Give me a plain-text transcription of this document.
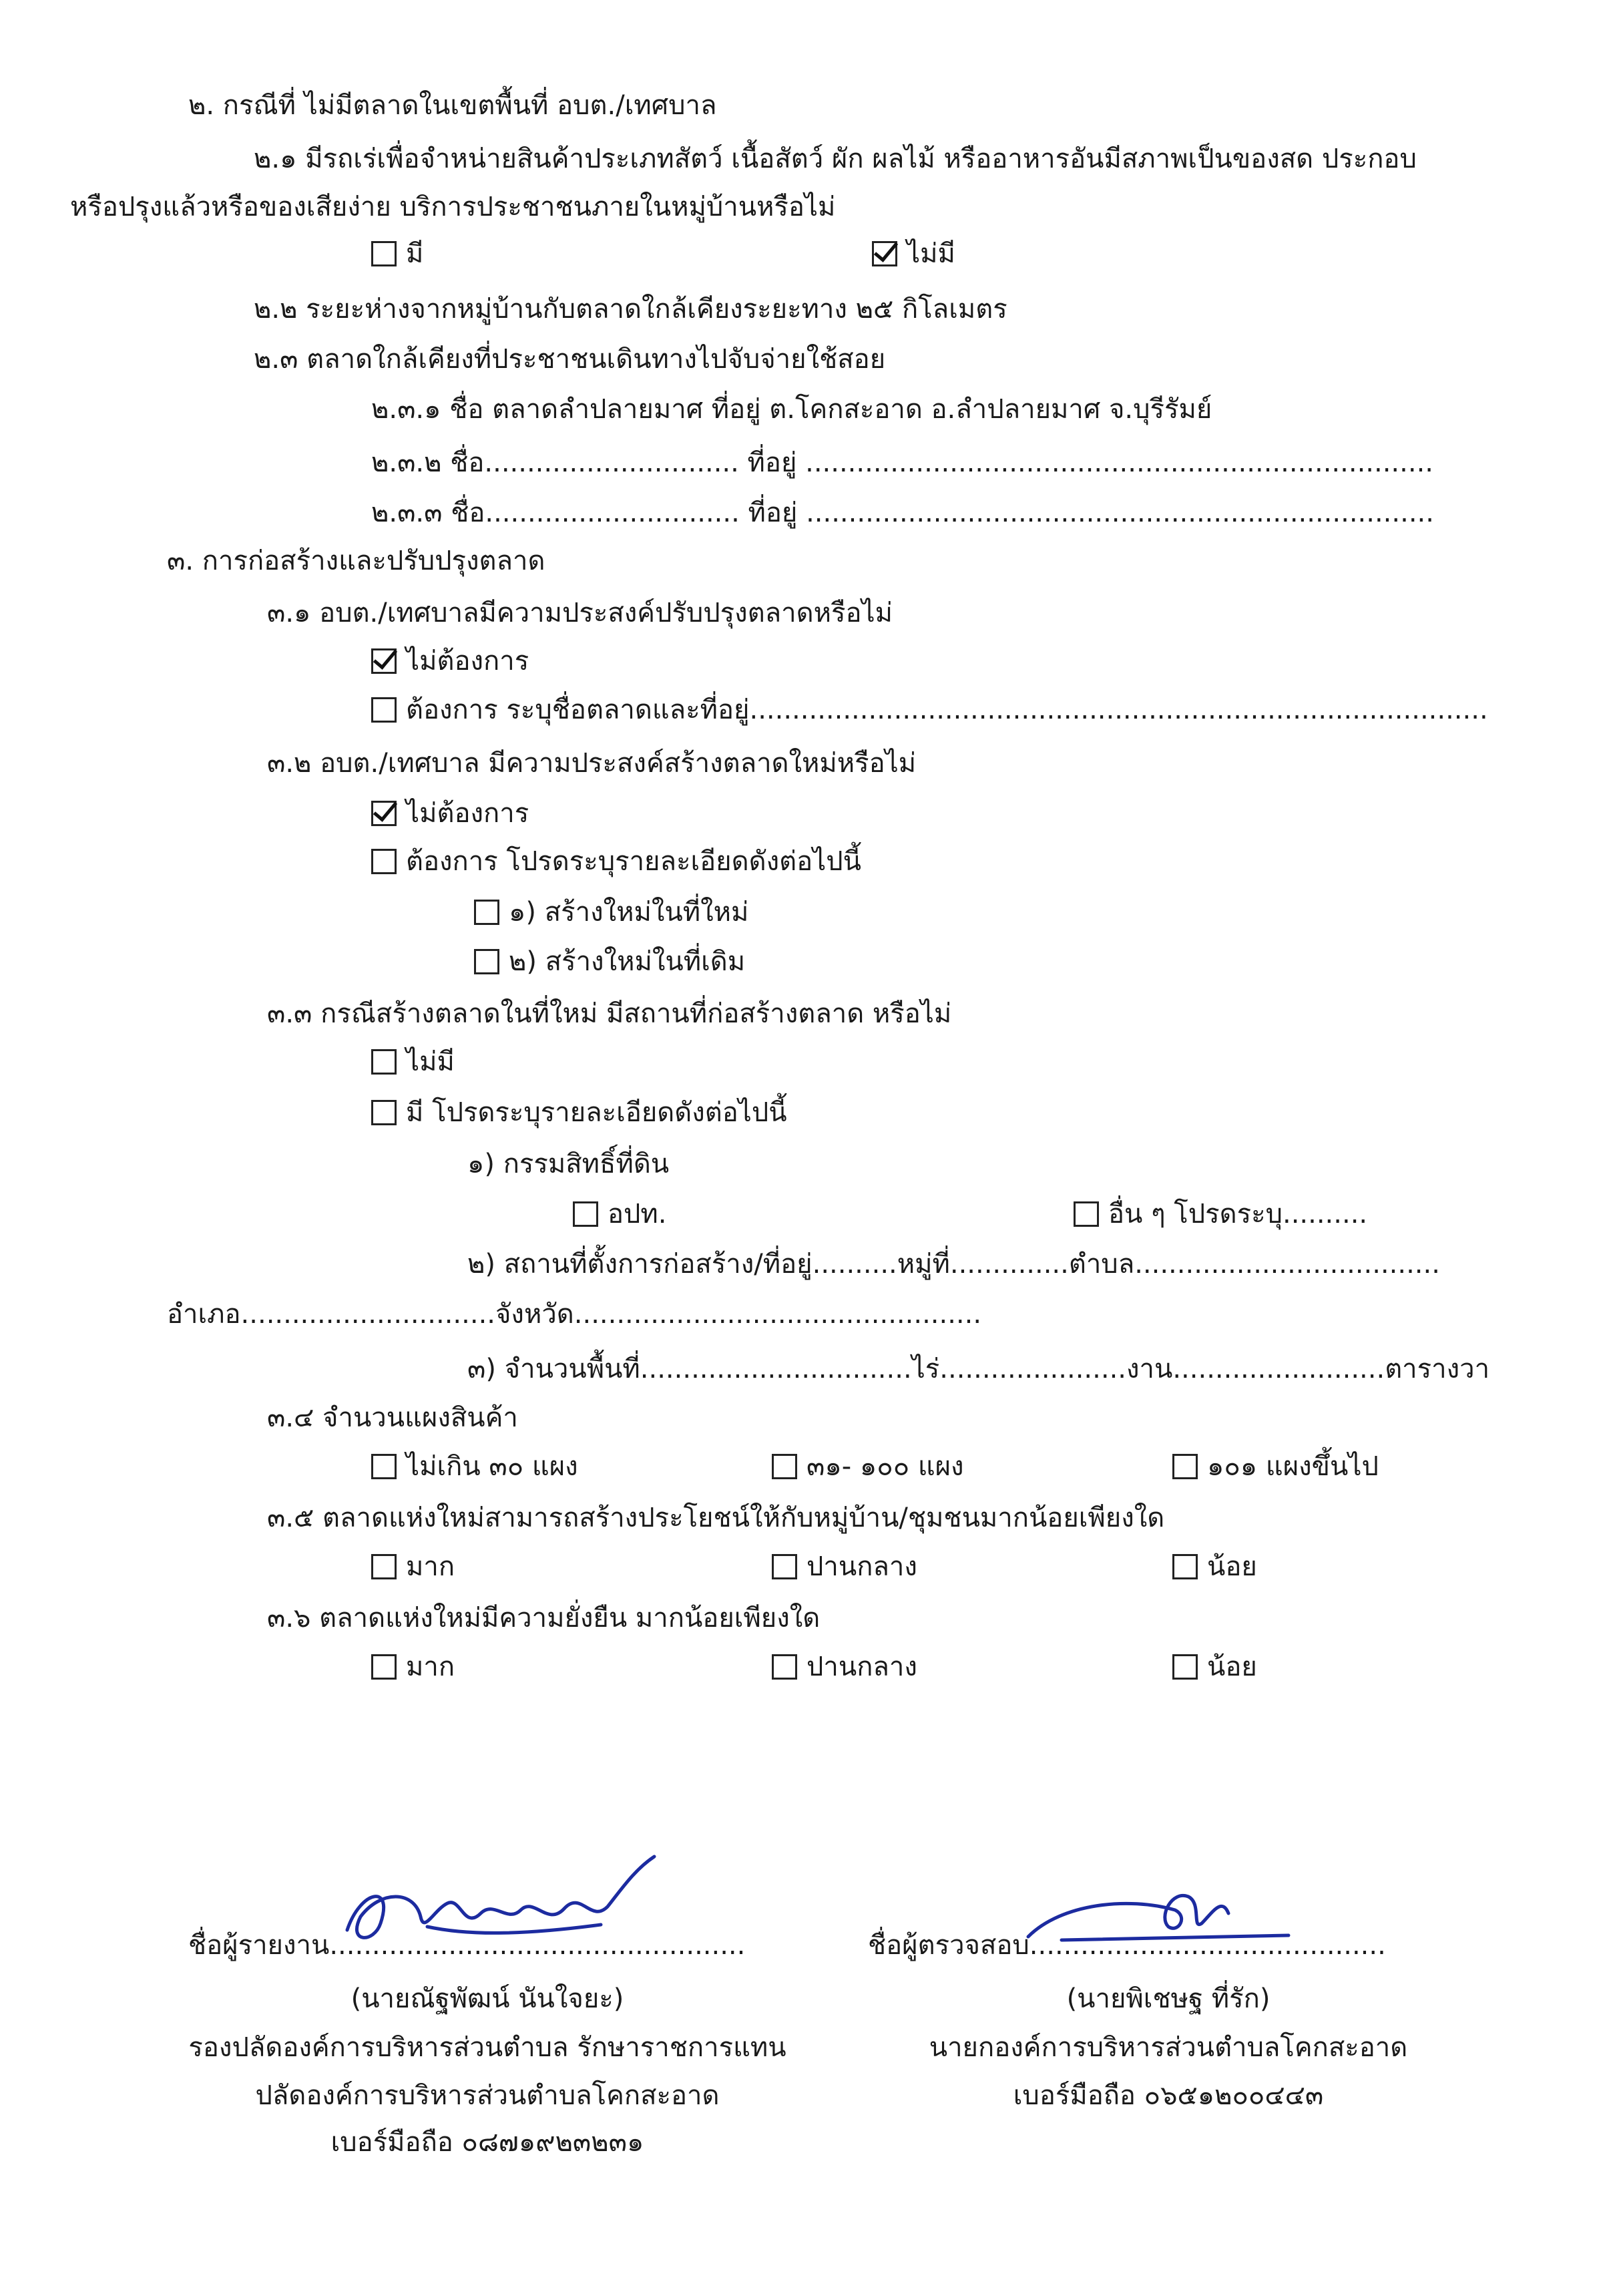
๒. กรณีที่ ไม่มีตลาดในเขตพื้นที่ อบต./เทศบาล
๒.๑ มีรถเร่เพื่อจำหน่ายสินค้าประเภทสัตว์ เนื้อสัตว์ ผัก ผลไม้ หรืออาหารอันมีสภาพเป็นของสด ประกอบ
หรือปรุงแล้วหรือของเสียง่าย บริการประชาชนภายในหมู่บ้านหรือไม่
มี	ไม่มี
๒.๒ ระยะห่างจากหมู่บ้านกับตลาดใกล้เคียงระยะทาง ๒๕ กิโลเมตร
๒.๓ ตลาดใกล้เคียงที่ประชาชนเดินทางไปจับจ่ายใช้สอย
๒.๓.๑ ชื่อ ตลาดลำปลายมาศ ที่อยู่ ต.โคกสะอาด อ.ลำปลายมาศ จ.บุรีรัมย์
๒.๓.๒ ชื่อ.............................. ที่อยู่ ..........................................................................
๒.๓.๓ ชื่อ.............................. ที่อยู่ ..........................................................................
๓. การก่อสร้างและปรับปรุงตลาด
๓.๑ อบต./เทศบาลมีความประสงค์ปรับปรุงตลาดหรือไม่
ไม่ต้องการ
ต้องการ ระบุชื่อตลาดและที่อยู่.......................................................................................
๓.๒ อบต./เทศบาล มีความประสงค์สร้างตลาดใหม่หรือไม่
ไม่ต้องการ
ต้องการ โปรดระบุรายละเอียดดังต่อไปนี้
๑) สร้างใหม่ในที่ใหม่
๒) สร้างใหม่ในที่เดิม
๓.๓ กรณีสร้างตลาดในที่ใหม่ มีสถานที่ก่อสร้างตลาด หรือไม่
ไม่มี
มี โปรดระบุรายละเอียดดังต่อไปนี้
๑) กรรมสิทธิ์ที่ดิน
อปท.	อื่น ๆ โปรดระบุ..........
๒) สถานที่ตั้งการก่อสร้าง/ที่อยู่..........หมู่ที่..............ตำบล....................................
อำเภอ..............................จังหวัด................................................
๓) จำนวนพื้นที่................................ไร่......................งาน.........................ตารางวา
๓.๔ จำนวนแผงสินค้า
ไม่เกิน ๓๐ แผง	๓๑- ๑๐๐ แผง	๑๐๑ แผงขึ้นไป
๓.๕ ตลาดแห่งใหม่สามารถสร้างประโยชน์ให้กับหมู่บ้าน/ชุมชนมากน้อยเพียงใด
มาก	ปานกลาง	น้อย
๓.๖ ตลาดแห่งใหม่มีความยั่งยืน มากน้อยเพียงใด
มาก	ปานกลาง	น้อย
ชื่อผู้รายงาน.................................................
(นายณัฐพัฒน์ นันใจยะ)
รองปลัดองค์การบริหารส่วนตำบล รักษาราชการแทน
ปลัดองค์การบริหารส่วนตำบลโคกสะอาด
เบอร์มือถือ ๐๘๗๑๙๒๓๒๓๑
ชื่อผู้ตรวจสอบ..........................................
(นายพิเชษฐ ที่รัก)
นายกองค์การบริหารส่วนตำบลโคกสะอาด
เบอร์มือถือ ๐๖๕๑๒๐๐๔๔๓
